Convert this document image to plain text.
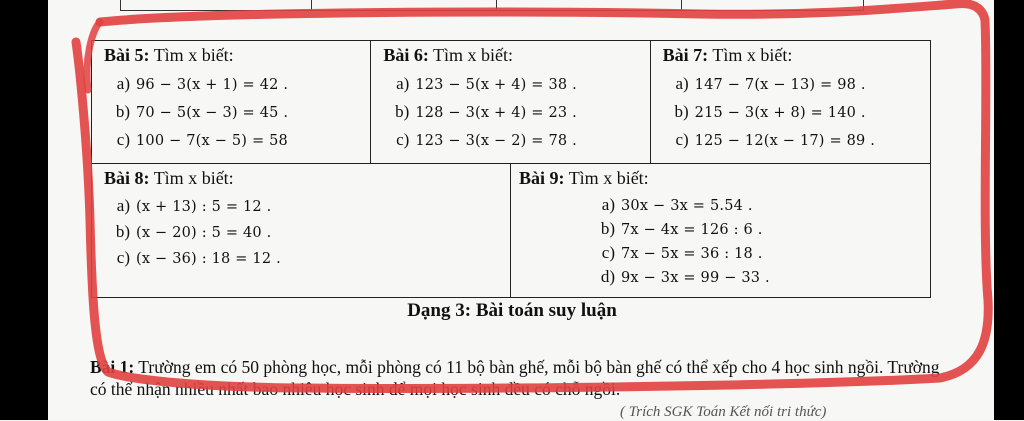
Bài 5: Tìm x biết:
a) 96 − 3(x + 1) = 42 .
b) 70 − 5(x − 3) = 45 .
c) 100 − 7(x − 5) = 58
Bài 6: Tìm x biết:
a) 123 − 5(x + 4) = 38 .
b) 128 − 3(x + 4) = 23 .
c) 123 − 3(x − 2) = 78 .
Bài 7: Tìm x biết:
a) 147 − 7(x − 13) = 98 .
b) 215 − 3(x + 8) = 140 .
c) 125 − 12(x − 17) = 89 .
Bài 8: Tìm x biết:
a) (x + 13) : 5 = 12 .
b) (x − 20) : 5 = 40 .
c) (x − 36) : 18 = 12 .
Bài 9: Tìm x biết:
a) 30x − 3x = 5.54 .
b) 7x − 4x = 126 : 6 .
c) 7x − 5x = 36 : 18 .
d) 9x − 3x = 99 − 33 .
Dạng 3: Bài toán suy luận
Bài 1: Trường em có 50 phòng học, mỗi phòng có 11 bộ bàn ghế, mỗi bộ bàn ghế có thể xếp cho 4 học sinh ngồi. Trường có thể nhận nhiều nhất bao nhiêu học sinh để mọi học sinh đều có chỗ ngồi.
( Trích SGK Toán Kết nối tri thức)
